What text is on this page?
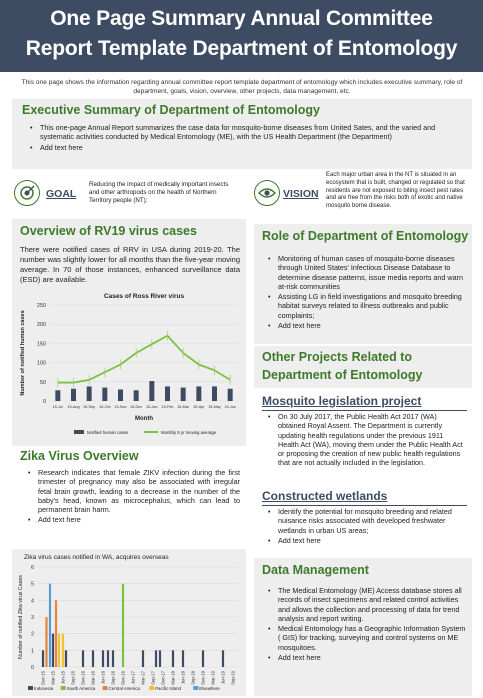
One Page Summary Annual Committee
Report Template Department of Entomology
This one page shows the information regarding annual committee report template department of entomology which includes executive summary, role of department, goals, vision, overview, other projects, data management, etc.
Executive Summary of Department of Entomology
• This one-page Annual Report summarizes the case data for mosquito-borne diseases from United Sates, and the varied and systematic activities conducted by Medical Entomology (ME), with the US Health Department (the Department)
• Add text here
GOAL
Reducing the impact of medically important insects and other arthropods on the health of Northern Territory people (NT);
VISION
Each major urban area in the NT is situated in an ecosystem that is built, changed or regulated so that residents are not exposed to biting insect pest rates and are free from the risks both of exotic and native mosquito borne disease.
Overview of RV19 virus cases
There were notified cases of RRV in USA during 2019-20. The number was slightly lower for all months than the five-year moving average. In 70 of those instances, enhanced surveillance data (ESD) are available.
Cases of Ross River virus
0
50
100
150
200
250
Number of notified human cases
15-Jul 15-Aug 15-Sep 15-Oct 15-Nov 15-Dec 15-Jan 15-Feb 15-Mar 15-Apr 15-May 15-Jun
Month
Notified human cases	Monthly 5 yr moving average
Zika Virus Overview
• Research indicates that female ZIKV infection during the first trimester of pregnancy may also be associated with irregular fetal brain growth, leading to a decrease in the number of the baby's head, known as microcephalus, which can lead to permanent brain harm.
• Add text here
Zika virus cases notified in WA, acquires overseas
0
1
2
3
4
5
6
Number of notified Zika virus Cases
Dec-15 Mar-15 Jun-15 Sep-15 Dec-16 Mar-16 Jun-16 Sep-16 Dec-16 Jun-17 Mar-17 Sep-17 Dec-17 Mar-18 Jun-18 Sep-18 Dec-18 Mar-19 Jun-19 Sep-19
Indonesia	South America	Central America	Pacific Island	Elsewhere
Role of Department of Entomology
• Monitoring of human cases of mosquito-borne diseases through United States' Infectious Disease Database to determine disease patterns, issue media reports and warn at-risk communities
• Assisting LG in field investigations and mosquito breeding habitat surveys related to illness outbreaks and public complaints;
• Add text here
Other Projects Related to
Department of Entomology
Mosquito legislation project
• On 30 July 2017, the Public Health Act 2017 (WA) obtained Royal Assent. The Department is currently updating health regulations under the previous 1911 Health Act (WA), moving them under the Public Health Act or proposing the creation of new public health regulations that are not actually included in the legislation.
Constructed wetlands
• Identify the potential for mosquito breeding and related nuisance risks associated with developed freshwater wetlands in urban US areas;
• Add text here
Data Management
• The Medical Entomology (ME) Access database stores all records of insect specimens and related control activities and allows the collection and processing of data for trend analysis and report writing.
• Medical Entomology has a Geographic Information System ( GIS) for tracking, surveying and control systems on ME mosquitoes.
• Add text here
